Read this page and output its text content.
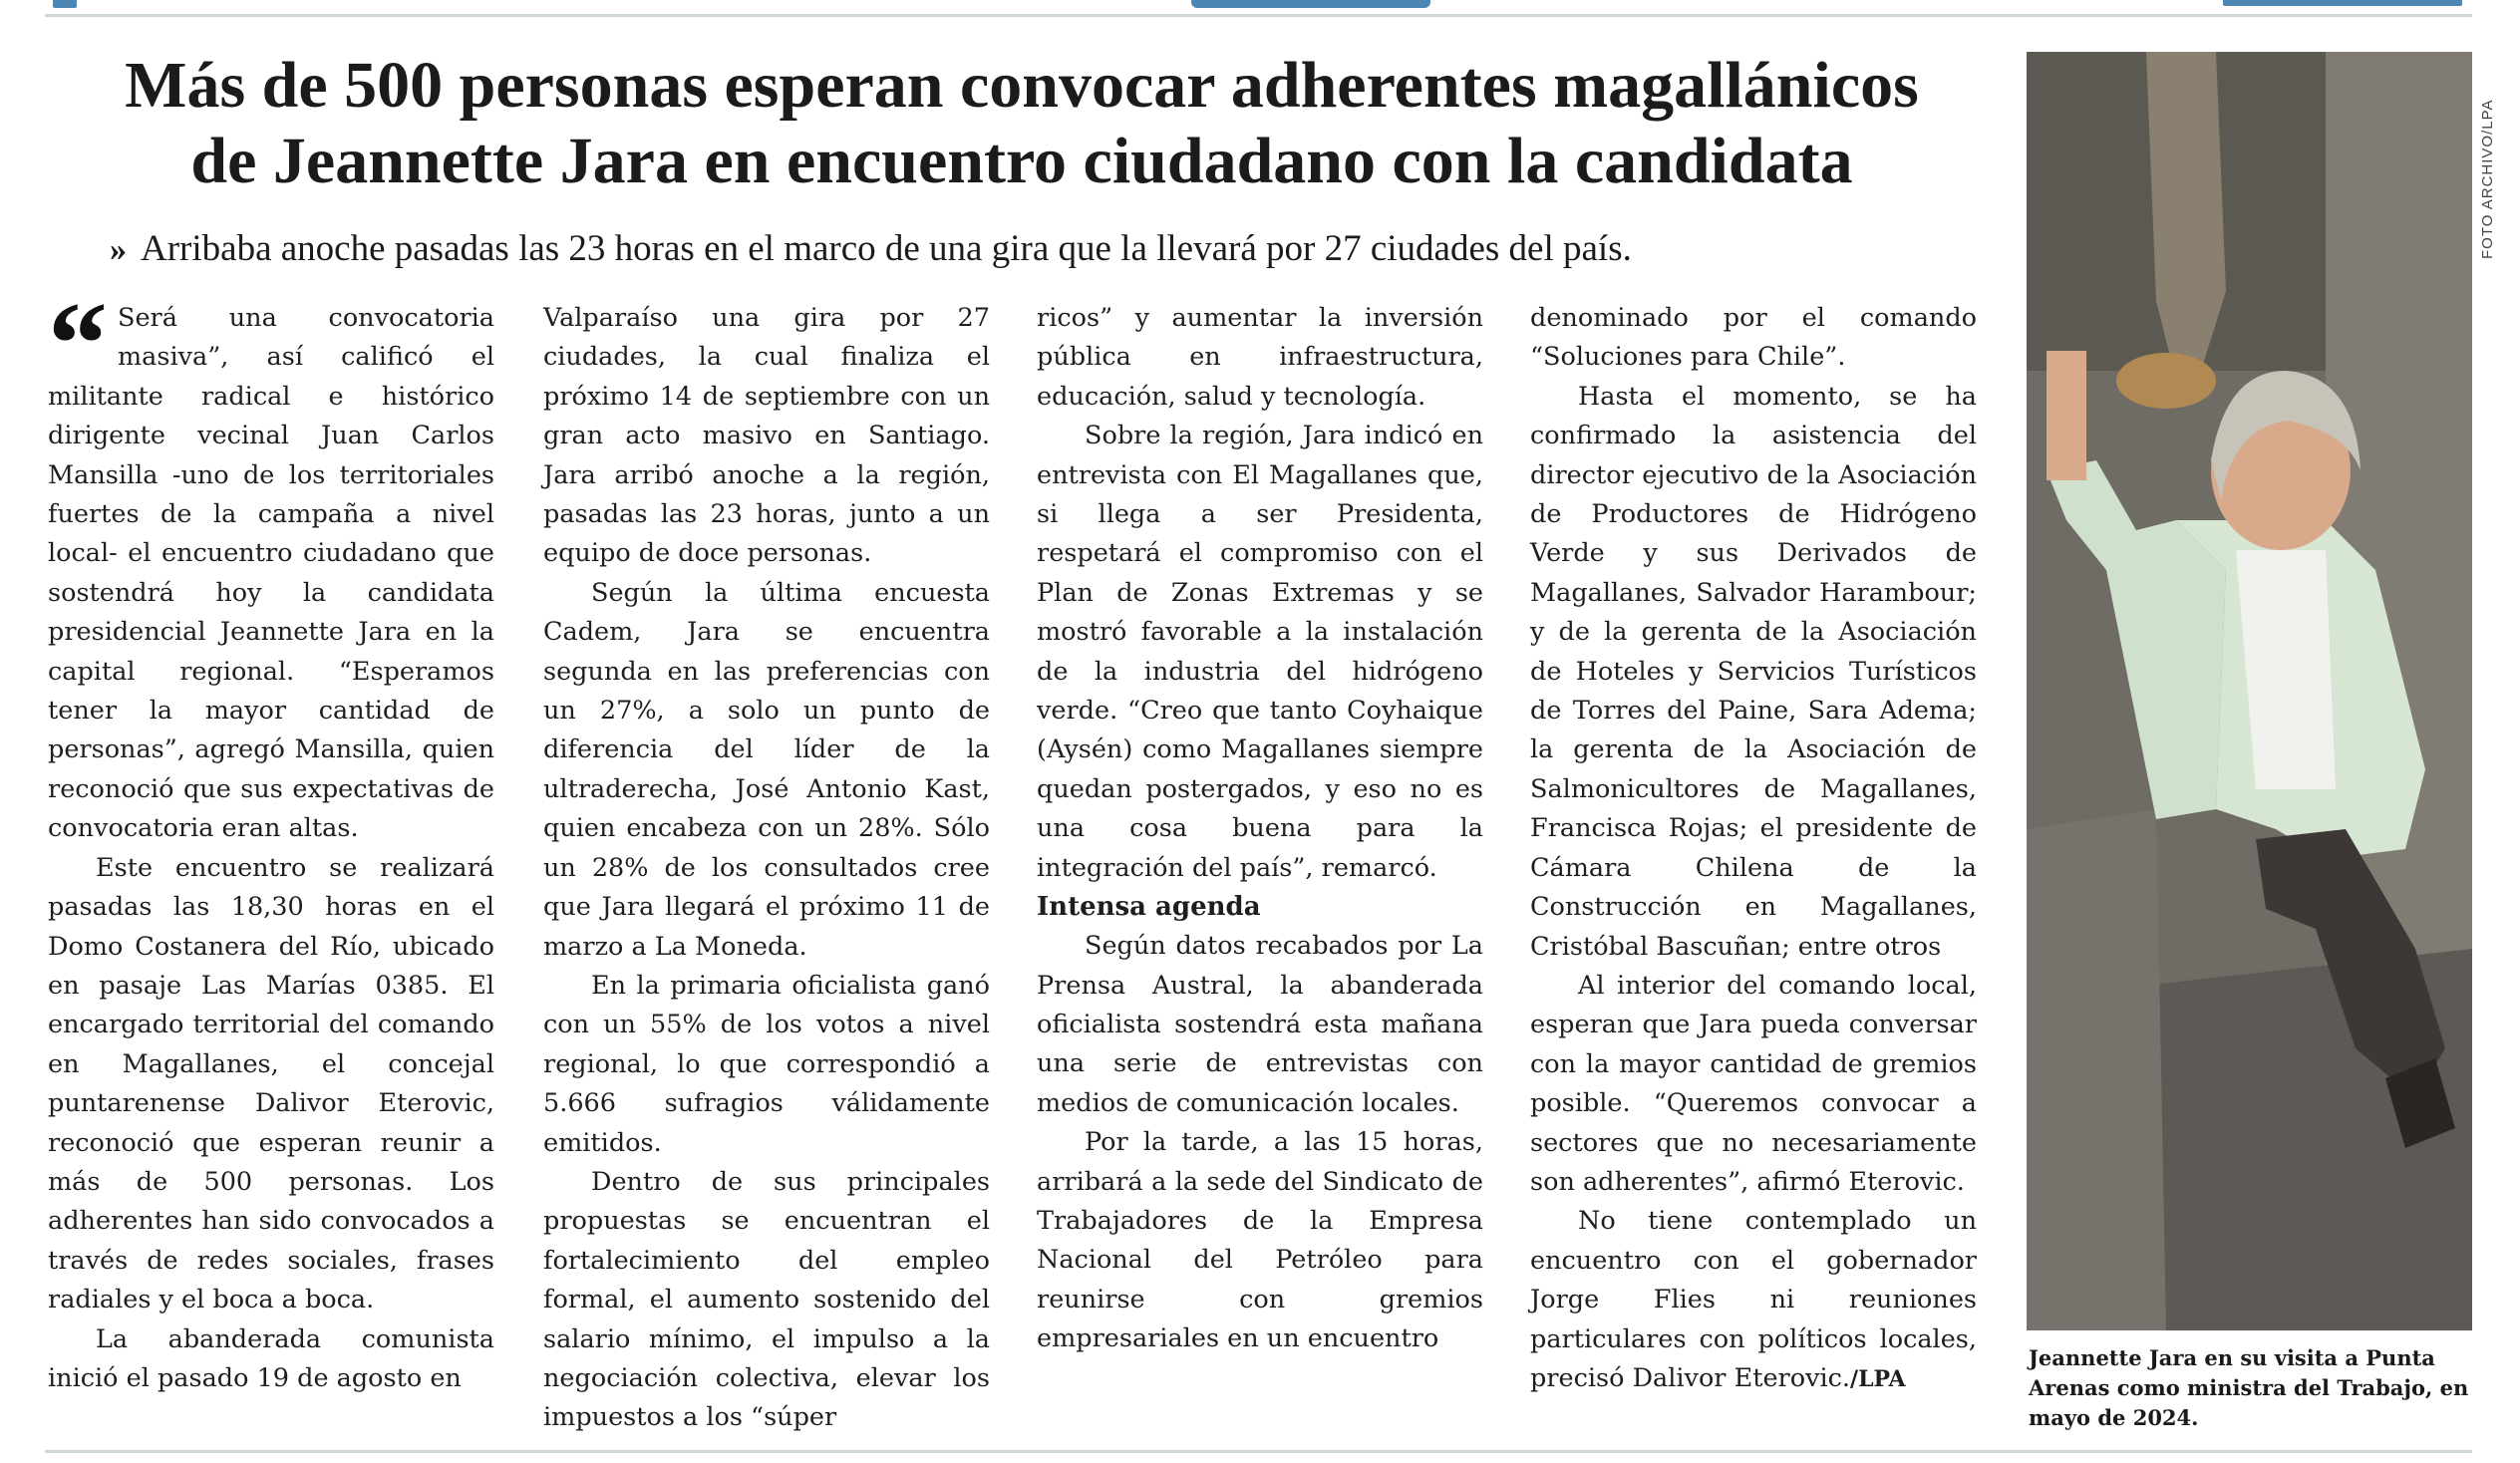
Más de 500 personas esperan convocar adherentes magallánicos
de Jeannette Jara en encuentro ciudadano con la candidata
» Arribaba anoche pasadas las 23 horas en el marco de una gira que la llevará por 27 ciudades del país.
“ Será una convocatoria masiva”, así calificó el militante radical e histórico dirigente vecinal Juan Carlos Mansilla -uno de los territoriales fuertes de la campaña a nivel local- el encuentro ciudadano que sostendrá hoy la candidata presidencial Jeannette Jara en la capital regional. “Esperamos tener la mayor cantidad de personas”, agregó Mansilla, quien reconoció que sus expectativas de convocatoria eran altas.

Este encuentro se realizará pasadas las 18,30 horas en el Domo Costanera del Río, ubicado en pasaje Las Marías 0385. El encargado territorial del comando en Magallanes, el concejal puntarenense Dalivor Eterovic, reconoció que esperan reunir a más de 500 personas. Los adherentes han sido convocados a través de redes sociales, frases radiales y el boca a boca.

La abanderada comunista inició el pasado 19 de agosto en

Valparaíso una gira por 27 ciudades, la cual finaliza el próximo 14 de septiembre con un gran acto masivo en Santiago. Jara arribó anoche a la región, pasadas las 23 horas, junto a un equipo de doce personas.

Según la última encuesta Cadem, Jara se encuentra segunda en las preferencias con un 27%, a solo un punto de diferencia del líder de la ultraderecha, José Antonio Kast, quien encabeza con un 28%. Sólo un 28% de los consultados cree que Jara llegará el próximo 11 de marzo a La Moneda.

En la primaria oficialista ganó con un 55% de los votos a nivel regional, lo que correspondió a 5.666 sufragios válidamente emitidos.

Dentro de sus principales propuestas se encuentran el fortalecimiento del empleo formal, el aumento sostenido del salario mínimo, el impulso a la negociación colectiva, elevar los impuestos a los “súper

ricos” y aumentar la inversión pública en infraestructura, educación, salud y tecnología.

Sobre la región, Jara indicó en entrevista con El Magallanes que, si llega a ser Presidenta, respetará el compromiso con el Plan de Zonas Extremas y se mostró favorable a la instalación de la industria del hidrógeno verde. “Creo que tanto Coyhaique (Aysén) como Magallanes siempre quedan postergados, y eso no es una cosa buena para la integración del país”, remarcó.

Intensa agenda

Según datos recabados por La Prensa Austral, la abanderada oficialista sostendrá esta mañana una serie de entrevistas con medios de comunicación locales.

Por la tarde, a las 15 horas, arribará a la sede del Sindicato de Trabajadores de la Empresa Nacional del Petróleo para reunirse con gremios empresariales en un encuentro

denominado por el comando “Soluciones para Chile”.

Hasta el momento, se ha confirmado la asistencia del director ejecutivo de la Asociación de Productores de Hidrógeno Verde y sus Derivados de Magallanes, Salvador Harambour; y de la gerenta de la Asociación de Hoteles y Servicios Turísticos de Torres del Paine, Sara Adema; la gerenta de la Asociación de Salmonicultores de Magallanes, Francisca Rojas; el presidente de Cámara Chilena de la Construcción en Magallanes, Cristóbal Bascuñan; entre otros

Al interior del comando local, esperan que Jara pueda conversar con la mayor cantidad de gremios posible. “Queremos convocar a sectores que no necesariamente son adherentes”, afirmó Eterovic.

No tiene contemplado un encuentro con el gobernador Jorge Flies ni reuniones particulares con políticos locales, precisó Dalivor Eterovic./LPA

FOTO ARCHIVO/LPA
Jeannette Jara en su visita a Punta Arenas como ministra del Trabajo, en mayo de 2024.
